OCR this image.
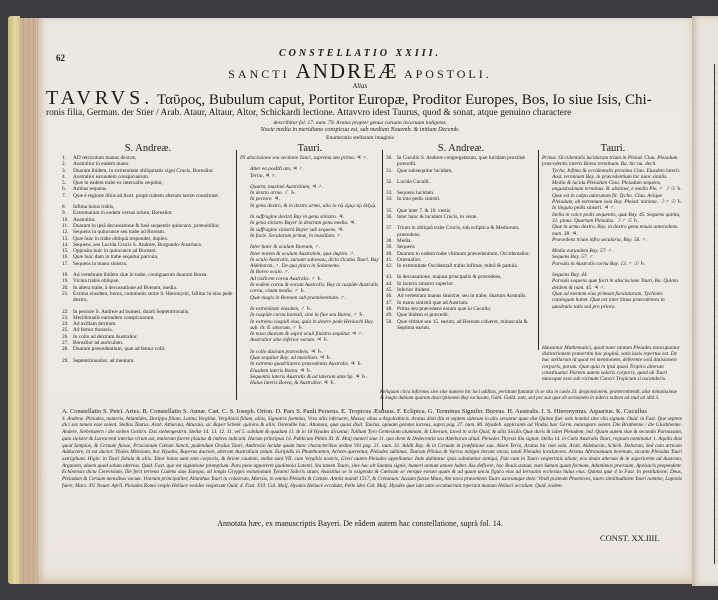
62	CONSTELLATIO XXIII.
SANCTI ANDREÆ APOSTOLI.
Alias
TAVRVS. Ταῦρος, Bubulum caput, Portitor Europæ, Proditor Europes, Bos, Io siue Isis, Chi-
ronis filia, German. der Stier / Arab. Ataur, Altaur, Altor, Schickardi lectione. Attavvro idest Taurus, quod & sonat, atque genuino charactere
describitur fol. 17. num. 79. Aratus propter genua curuata incuruum indigetat.
Nocte media in meridiano conspicua est, sub medium Nouemb. & initium Decemb.
Enumeratio stellarum imaginis
S. Andreæ.
1.	AD retriculum manus dextræ,
2.	Australior in eadem manu.
3.	Duarum ibidem, in extremitate obliquitatis signi Crucis, Borealior.
4.	Australior earundem conspicuarum.
5.	Quæ in eadem trabe ex interuallo sequitur,
6.	Ambas sequens.
7.	Quæ è regione illius ad Aust. propè trabem alteram sextæ constitutæ.
8.	Infima huius trabis,
9.	Extremarum in eodem versus ortum, Borealior.
10. Australior.
11. Duarum in ipsâ decussatione & basi sequentis quincunx, prænobilior.
12. Sequens in quincunce seu trabe ad Boream.
13. Quæ huic in trabe obliquâ respondet, duplex.
14. Sequens, seu Lucida Crucis S. Andreæ, Borgundo-Austriaca.
15. Opposita huic in quincunce ad Boream.
16. Quæ huic dam in trabe sequitur parvula,
17. Sequens in manu sinistra.
18. Ad vertebram ibidem siue in trabe, contiguarum duarum Borea.
19. Vicina trabis obliquæ.
20. In altera trabe, à decussatione ad Boream, media.
21. Extima eiusdem, borea, communis stolæ S. Hieronymi, fallitur in eius pede dextro,
22. In pectore S. Andreæ ad humeri, duarû Septentrionalis.
23. Meridionalis earundem conspicuarum.
24. Ad axillam dextram.
25. Ad femur thoracis.
26. In collo ad dextram Australior.
27. Borealior ad auriculam.
28. Duarum præcedentium, quæ ad femur colli:
29. Septentrionalior, ad mentum.
Tauri.
IN abscissione seu sectione Tauri, suprema seu prima. ♃ ♂.
Alter ea posItIl am, ♃ ♂.
Tertia, ♃ ♂.
Quarta, maximè Australium, ♃ ♂.
In dextro armo. ☾ ♄.
In pectore. ♃.
In genu dextro, & in dextro armo, alia lo τῷ ὤμῳ τῷ δεξιῷ.
In suffragine dextrâ Bay in genu sinistro. ♃.
In genu sinistro Bayer in dextrum genu media. ♃.
In suffragine sinistrâ Bayer sub sequens. ♃.
In facie. Secularum primæ, in maxillam. ♂.
Inter hanc & oculum Boream, ♂.
Inter narem & oculum Australem, quæ duplex. ♂.
In oculo Australis, sursum subsessu, dicta Oculus Tauri. Bay Aldebaran, ♂. De qua plura in Solamento.
In Boreo oculo. ♂.
Ad radicem cornu Australis. ♂ ♄.
In eodem cornu & eorum Australis, Bay in cuspide Australis cornu, visum media. ♂ ♄.
Quæ magis in Boream sub præminentiam. ♂.
In extremitate eiusdem, ♂ ♄.
In cuspide cornu boreali, sine in fine seu Borea, ♂ ♄.
In extremo cuspidi eius, quia in dextro pede Heniochi Bay. sub. lit. ß. sinorum, ♂ ♄.
In naso duarum & supra oculi finistra sequitur. ♃ ♂.
Australior sine inferior earum. ♃ ♄.
In collo duarum præcedens. ♃ ♄.
Quæ sequitur Bay. ad maxillam. ♃ ♄.
In extremo quadrilatero præcedentis Australis. ♃ ♄.
Eiusdem lateris Borea. ♃ ♄.
Sequentis lateris Australis & ad lateram ante Sp. ♃ ♄.
Huius lateris Borea, & Australior. ♃ ♄.
S. Andreæ.
30. In Cucullo S. Andreæ congregatarum, quæ lucidam proximè præcedit.
31. Quæ subsequitur lucidam,
32. Lucida Cuculli.
33. Sequens lucidam.
34. In imo pedis sinistri.
35. Quæ inter 7. & 10. vestis.
36. Inter hanc & lucidam Crucis, in veste.
37. Trium in obliquâ trabe Crucis, sub ecliptica & Mediorum, præcedens.
38. Media.
39. Sequens
40. Duarum in eadem trabe vltimum præcedentium, Occidentalior.
41. Orientalior.
42. In extremitate Occidentali trabis infimæ, mitrâ & pattula.
43. In decussatione, majusa principalis & præcedens,
44. In lacerto sinistro superior.
45. Inferior ibidem.
46. Ad vertebram manus sinistræ, seu in trabe, duarum Australis.
47. In manu sinistrâ quæ ad Austrum.
48. Prima seu præcedens earum quæ in Cucullo.
49. Quæ ibidem ei præcedit.
50. Quæ vltimæ seu 15. earum, ad Boream cohæret, minuscula & Septima earum.
Tauri.
Prima: Occidentalis lucidarum trium in Pleiad. Clau. Pleiadum præcedentis lateris Borea terminum. Ba. hic nu. decit.
Tycho. Infima & occidentalis proxima Clau. Eiusdem lateris Aust. terminum Bay. in præcedentium hic nunc similis.
Media & lucida Pleiadum Clau. Pleiadum sequens, angustissimum terminus. B. abstinet, e media Ple. ♂ ☽ ☉ ♄.
Quæ est in culpa adorunum fit. Tycho. Clau. Aeique Pleiadum, ab extremum sola Bay. Pleiad. minima. ☽ ♂ ☉ ♄.
In lingula pedis sinistri. ♃ ♂.
Stella in calce pedis sequentis, quæ Bay. 45. Sequens quinta, 31. pinus. Quartum Pleiadas. ☽ ♂ ☉ ♄.
Quæ in armo dextro, Bay. in dextro genu tenuis antecedens. num. 38. ♃.
Præcedens trium infra secularia, Bay. 56. ♂.
Media earundem Bay. 57. ♂.
Sequens Bay. 57. ♂.
Parvula in Australis cornu Bay. 13. ♂ ☉ ♄.
Sequens Bay. 44.
Parvula sequens quæ facit in absciscione Tauri, Ba. Quinta deldem & num. 45. ♃ ♂.
Quæ ad mentem eius primam faculatarum, Tychonis catalogum habet. Quæ est inter binas præcedentes in quadratis talis sed pro priora.
Hæsuntur Mathematici, quod nunc tantum Pleiades nuncupantur distinctionem præsertim hac paginâ, satis laxis repertus est. De hac stellarum id quod rei mentionem, deferente solâ diuisionem corporis, parum. Quæ quia in ipsâ quasi Tropico alterum constituatur. Partem autem solaris corporis, quod ab Tauri nuncupat esse sub vicinum Cancri Tropicum si ascenderis.
Reliquam circa informes sive sine numero hic loci additas, perlatum funtatur in se situ in caelo 23. desponsionem, prætermittendi, aliæ minutissimæ & magis dubiam quarum descriptionem Bay exclusam, Gabl. Guild. sunt, sed per sua quæ ab sermonem in sideris nubem ad stud ad idid 3.
A. Constellatio S. Petri. Aries. B. Constellatio S. Annæ. Cæt. C. S. Ioseph. Orion. D. Pars S. Pauli Perseus. E. Tropicus Æstiuus. F. Eclipica. G. Terminus Signifer. Boreus. H. Australis. I. S. Hieronymus. Aquarius. K. Cucullus
S. Andreæ. Pleiades, numeris, Atlantides, Dorippa filiam, Latina Vergiliæ, Vergiliarû filiam, alias, Signatrix foemina, Vrsa aliis inferuere, Massa; alias a Argolisthicis. Aratus dixit illa et septem siderum in alio seruntur quae dist Quinta fuer solo homini sine vlla signum. Ouid. in Fast. Que septem dici sex tamen esse solent. Stellas Taurus. Arab. Athuraia, Alturaia, sic Bayer Scheik. quirens & aliis. Ostendite hac. Attanaia, quæ quasi dixit. Taurus, opiuam gemma lacteus, supra pag. 27. num. 80. Hyadeb. applicante ad Vindas hæc Germ. nuncupare solent. Die Bruthenne / die Gluckhenne. Andere, Siebenstern / die sieben Gestirn. Das siebengestirn. Stellæ 14. 13. 12. 11. vel 5. subdunt & quadam 11. & in 18 Hyades dicuntur, Tullium Tyro Gentesium alumnam, & Liberum, laced in scite Quid, & aliis Siculis Quæ duris & iubet Pleiadem, ind. Quam autem siue & secundo Parnassum, quia sinistre & Lucescenti interius virum ast, malorum facere plauius & imbres indicant. Harum principua 14. Publicum Plinio XI. K. Maij numeri siue 11. quo diem & Dedecentia seu Aldebaran aliud. Pleiades Thyrsis illa signat. Stella 14. in Cœlo Australis Tauri, regnum nominatur 1. Aquila dias quod Iampias, & Ceruum fuisse, Priscianum Cœlum Sancti, pudendum Oculus Tauri, Ambrosio lucidæ quam hunc characteribus ordine Vbi pag. 21. num. 31. Addit Bay. & in Ceruum in præfatione sua. Alsen Terra, Aratus hic non sola. Arab. Aldebaran, Schick. Debaran, Sed cum articulo Adduciere, id est ductor. Thales Milesium, hoc Hyades, Bayerus ductore, alteram Australium solum. Euripidis in Phaethontem, Achem querentur, Pleiades subimus. Taurum Plinius & Varrus mitiges iterum vncus, tandi Pleiades loculatores. Aristus Aftrononuum herenum, sicutim Pleiadas Tauri astrigibunt. Higin. in Tauri fabula & aliis. Tator huius sunt eam corporis, & Ariete caudam, stellæ sunt VII. cum Vergiliis nostris, Greci autem Pleiades appellantur. Inde dubitatur ipsis sabulantur antiqui, Fuit cum in Tauro vespertinis aliunt, ecu deum alterum & in superiorem ad Austrum, Arganem, alaem quod solum alterius. Quid. Fast. quo est signatione promptium. Pars pene appareret qualimoia Latenti. Sta tamen Tauro, sine hac alt Summa signis, humeri annum amare habet. Ass deficere, hoc Bouis æstuæ, nam Sætam quam formam, Adamimos præruum, Apelsacis propendent. Echinensis dictu Cerevisium, Ille ferit terrena Cadens siue Europa, ad longis Gryppis exitationum Tyranni Sideris situm, Assistitus se in exigenda & Cœtisam se vterque eorum quam & ad quam uncia figura eius ad Ierraaim ecclesias huius eius. Quinta quæ 4 in Fast. In pestilutione, Deus, Pleiadum & Ceruum mensibus vacuæ. Vinctum principaliter, Alianthus Tauri in colaorum, Marcus, in omnia Pleiadis & Cœtum. Anniis mundi 1517, & Cretanum: Iussum fuisse Mauv, Ani nova præsentem Tauro uxorumque dote: Vindi posteam Phoenices, tauro similitudinem Tauri nomine, Laponis fuere, Mars. XV. Neuer. Apríl. Pleiades Roma vesplo Heliace vesides vesperunt Ouid. 4. Fast. XVI. Cal. Maij, Hyades Heliacè eccidunt, Pelle ideo Cal. Maij. Hyades quæ iam ante occubuerunt reperunt manum Heliaci occidunt. Quid. eodem.
Annotata hæc, ex manuscriptis Bayeri. De eâdem autem hac constellatione, suprà fol. 14.
CONST. XX.IIII.
